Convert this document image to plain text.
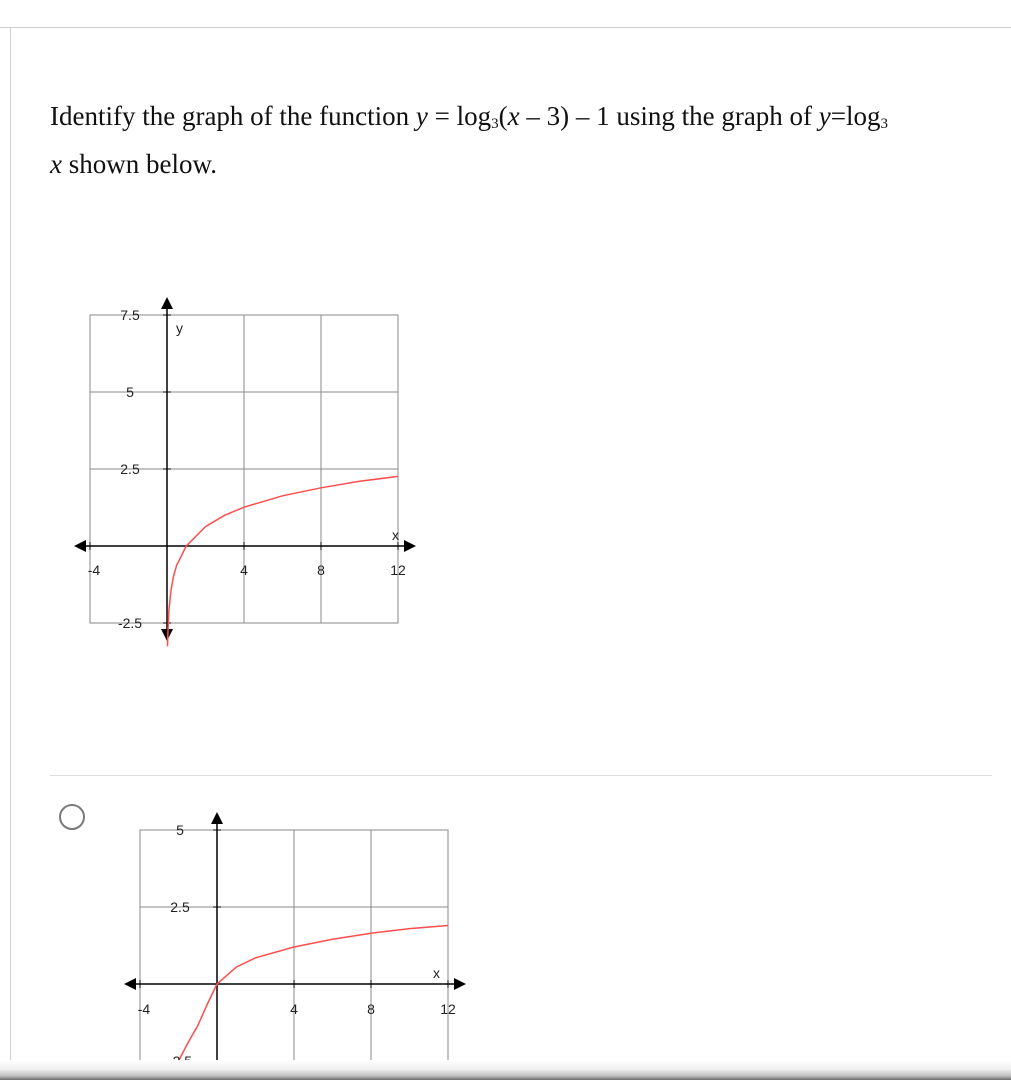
Identify the graph of the function $y = \log_3(x - 3) - 1$ using the graph of $y=\log_3$
x shown below.
7.5
5
2.5
-2.5
-4	4	8	12
x
y
5
2.5
-4	4	8	12
x
